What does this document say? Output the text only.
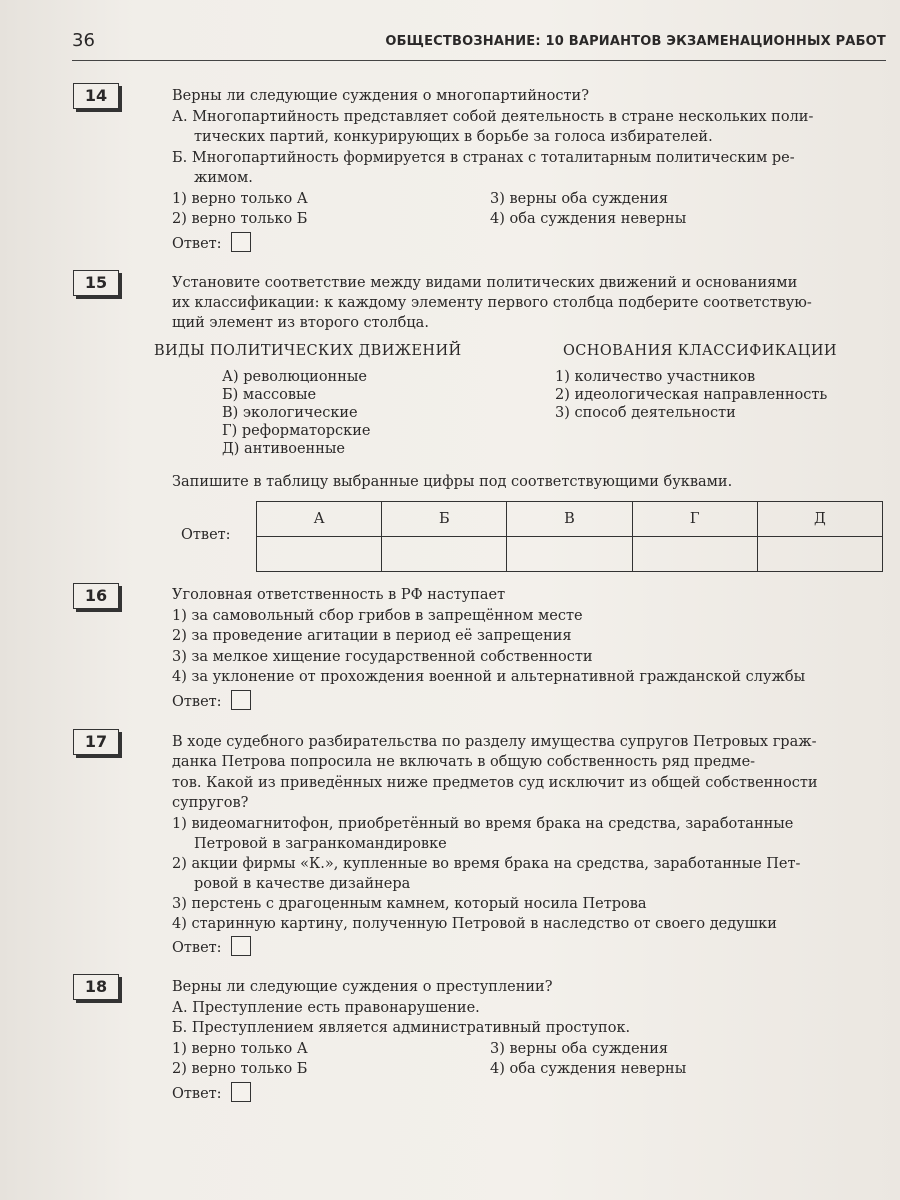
36	ОБЩЕСТВОЗНАНИЕ: 10 ВАРИАНТОВ ЭКЗАМЕНАЦИОННЫХ РАБОТ
14	Верны ли следующие суждения о многопартийности?
А. Многопартийность представляет собой деятельность в стране нескольких поли-
тических партий, конкурирующих в борьбе за голоса избирателей.
Б. Многопартийность формируется в странах с тоталитарным политическим ре-
жимом.
1) верно только А
2) верно только Б
3) верны оба суждения
4) оба суждения неверны
Ответ:
15	Установите соответствие между видами политических движений и основаниями
их классификации: к каждому элементу первого столбца подберите соответствую-
щий элемент из второго столбца.
ВИДЫ ПОЛИТИЧЕСКИХ ДВИЖЕНИЙ	ОСНОВАНИЯ КЛАССИФИКАЦИИ
А) революционные
Б) массовые
В) экологические
Г) реформаторские
Д) антивоенные
1) количество участников
2) идеологическая направленность
3) способ деятельности
Запишите в таблицу выбранные цифры под соответствующими буквами.
Ответ:
А	Б	В	Г	Д

16	Уголовная ответственность в РФ наступает
1) за самовольный сбор грибов в запрещённом месте
2) за проведение агитации в период её запрещения
3) за мелкое хищение государственной собственности
4) за уклонение от прохождения военной и альтернативной гражданской службы
Ответ:
17	В ходе судебного разбирательства по разделу имущества супругов Петровых граж-
данка Петрова попросила не включать в общую собственность ряд предме-
тов. Какой из приведённых ниже предметов суд исключит из общей собственности
супругов?
1) видеомагнитофон, приобретённый во время брака на средства, заработанные
Петровой в загранкомандировке
2) акции фирмы «К.», купленные во время брака на средства, заработанные Пет-
ровой в качестве дизайнера
3) перстень с драгоценным камнем, который носила Петрова
4) старинную картину, полученную Петровой в наследство от своего дедушки
Ответ:
18	Верны ли следующие суждения о преступлении?
А. Преступление есть правонарушение.
Б. Преступлением является административный проступок.
1) верно только А
2) верно только Б
3) верны оба суждения
4) оба суждения неверны
Ответ:
